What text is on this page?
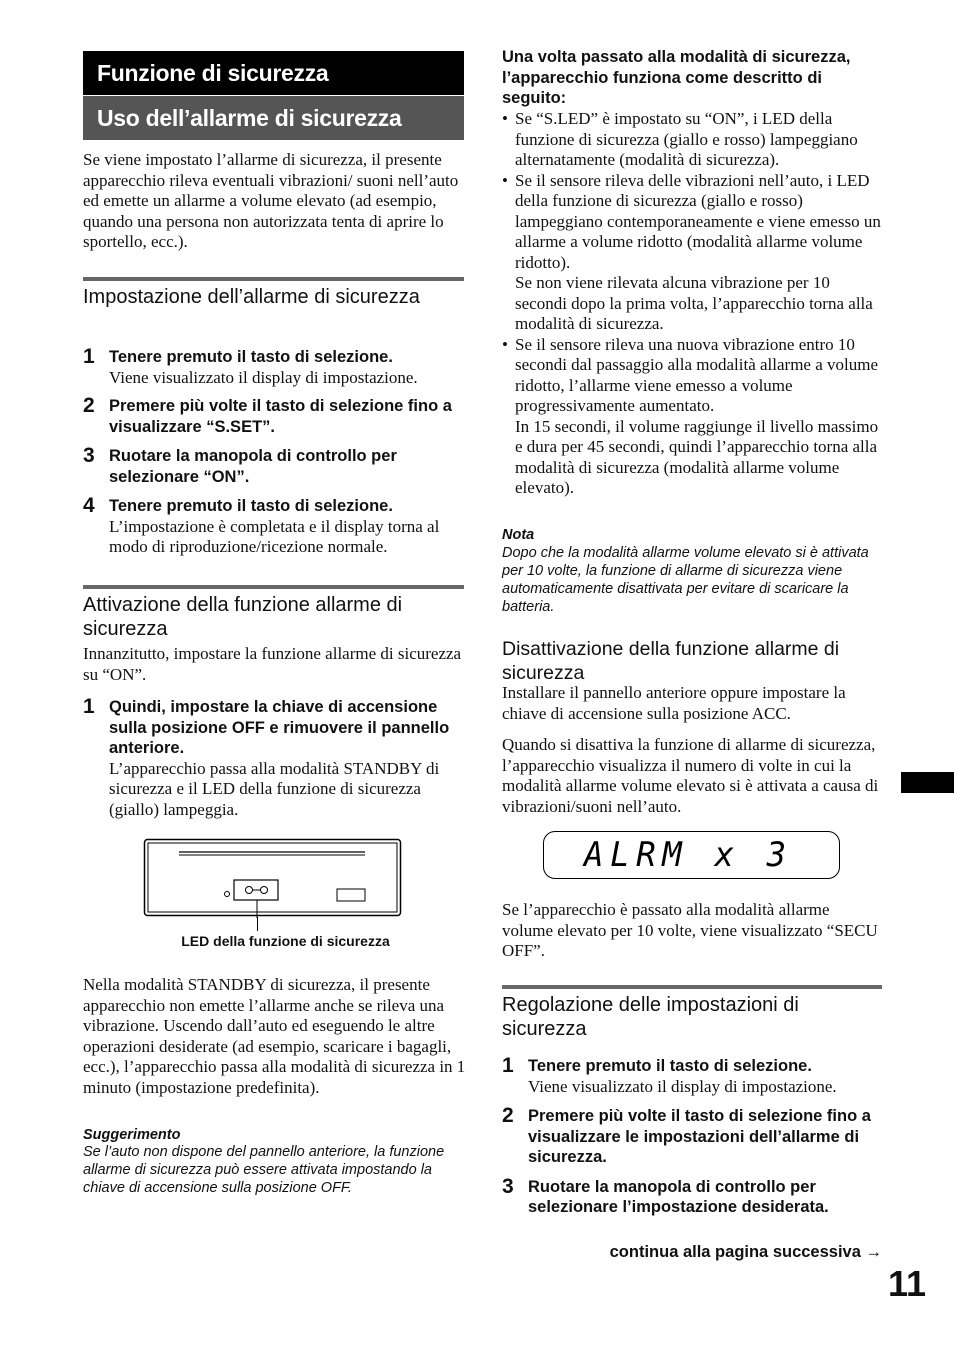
Funzione di sicurezza
Uso dell’allarme di sicurezza

Se viene impostato l’allarme di sicurezza, il presente apparecchio rileva eventuali vibrazioni/ suoni nell’auto ed emette un allarme a volume elevato (ad esempio, quando una persona non autorizzata tenta di aprire lo sportello, ecc.).

Impostazione dell’allarme di sicurezza
1 Tenere premuto il tasto di selezione.
Viene visualizzato il display di impostazione.
2 Premere più volte il tasto di selezione fino a visualizzare “S.SET”.
3 Ruotare la manopola di controllo per selezionare “ON”.
4 Tenere premuto il tasto di selezione.
L’impostazione è completata e il display torna al modo di riproduzione/ricezione normale.
Attivazione della funzione allarme di sicurezza

Innanzitutto, impostare la funzione allarme di sicurezza su “ON”.

1 Quindi, impostare la chiave di accensione sulla posizione OFF e rimuovere il pannello anteriore.
L’apparecchio passa alla modalità STANDBY di sicurezza e il LED della funzione di sicurezza (giallo) lampeggia.
LED della funzione di sicurezza

Nella modalità STANDBY di sicurezza, il presente apparecchio non emette l’allarme anche se rileva una vibrazione. Uscendo dall’auto ed eseguendo le altre operazioni desiderate (ad esempio, scaricare i bagagli, ecc.), l’apparecchio passa alla modalità di sicurezza in 1 minuto (impostazione predefinita).

Suggerimento

Se l’auto non dispone del pannello anteriore, la funzione allarme di sicurezza può essere attivata impostando la chiave di accensione sulla posizione OFF.

Una volta passato alla modalità di sicurezza, l’apparecchio funziona come descritto di seguito:

• Se “S.LED” è impostato su “ON”, i LED della funzione di sicurezza (giallo e rosso) lampeggiano alternatamente (modalità di sicurezza).
• Se il sensore rileva delle vibrazioni nell’auto, i LED della funzione di sicurezza (giallo e rosso) lampeggiano contemporaneamente e viene emesso un allarme a volume ridotto (modalità allarme volume ridotto).
Se non viene rilevata alcuna vibrazione per 10 secondi dopo la prima volta, l’apparecchio torna alla modalità di sicurezza.
• Se il sensore rileva una nuova vibrazione entro 10 secondi dal passaggio alla modalità allarme a volume ridotto, l’allarme viene emesso a volume progressivamente aumentato.
In 15 secondi, il volume raggiunge il livello massimo e dura per 45 secondi, quindi l’apparecchio torna alla modalità di sicurezza (modalità allarme volume elevato).
Nota

Dopo che la modalità allarme volume elevato si è attivata per 10 volte, la funzione di allarme di sicurezza viene automaticamente disattivata per evitare di scaricare la batteria.

Disattivazione della funzione allarme di sicurezza

Installare il pannello anteriore oppure impostare la chiave di accensione sulla posizione ACC.

Quando si disattiva la funzione di allarme di sicurezza, l’apparecchio visualizza il numero di volte in cui la modalità allarme volume elevato si è attivata a causa di vibrazioni/suoni nell’auto.

ALRM x 3

Se l’apparecchio è passato alla modalità allarme volume elevato per 10 volte, viene visualizzato “SECU OFF”.

Regolazione delle impostazioni di sicurezza
1 Tenere premuto il tasto di selezione.
Viene visualizzato il display di impostazione.
2 Premere più volte il tasto di selezione fino a visualizzare le impostazioni dell’allarme di sicurezza.
3 Ruotare la manopola di controllo per selezionare l’impostazione desiderata.
continua alla pagina successiva →
11
